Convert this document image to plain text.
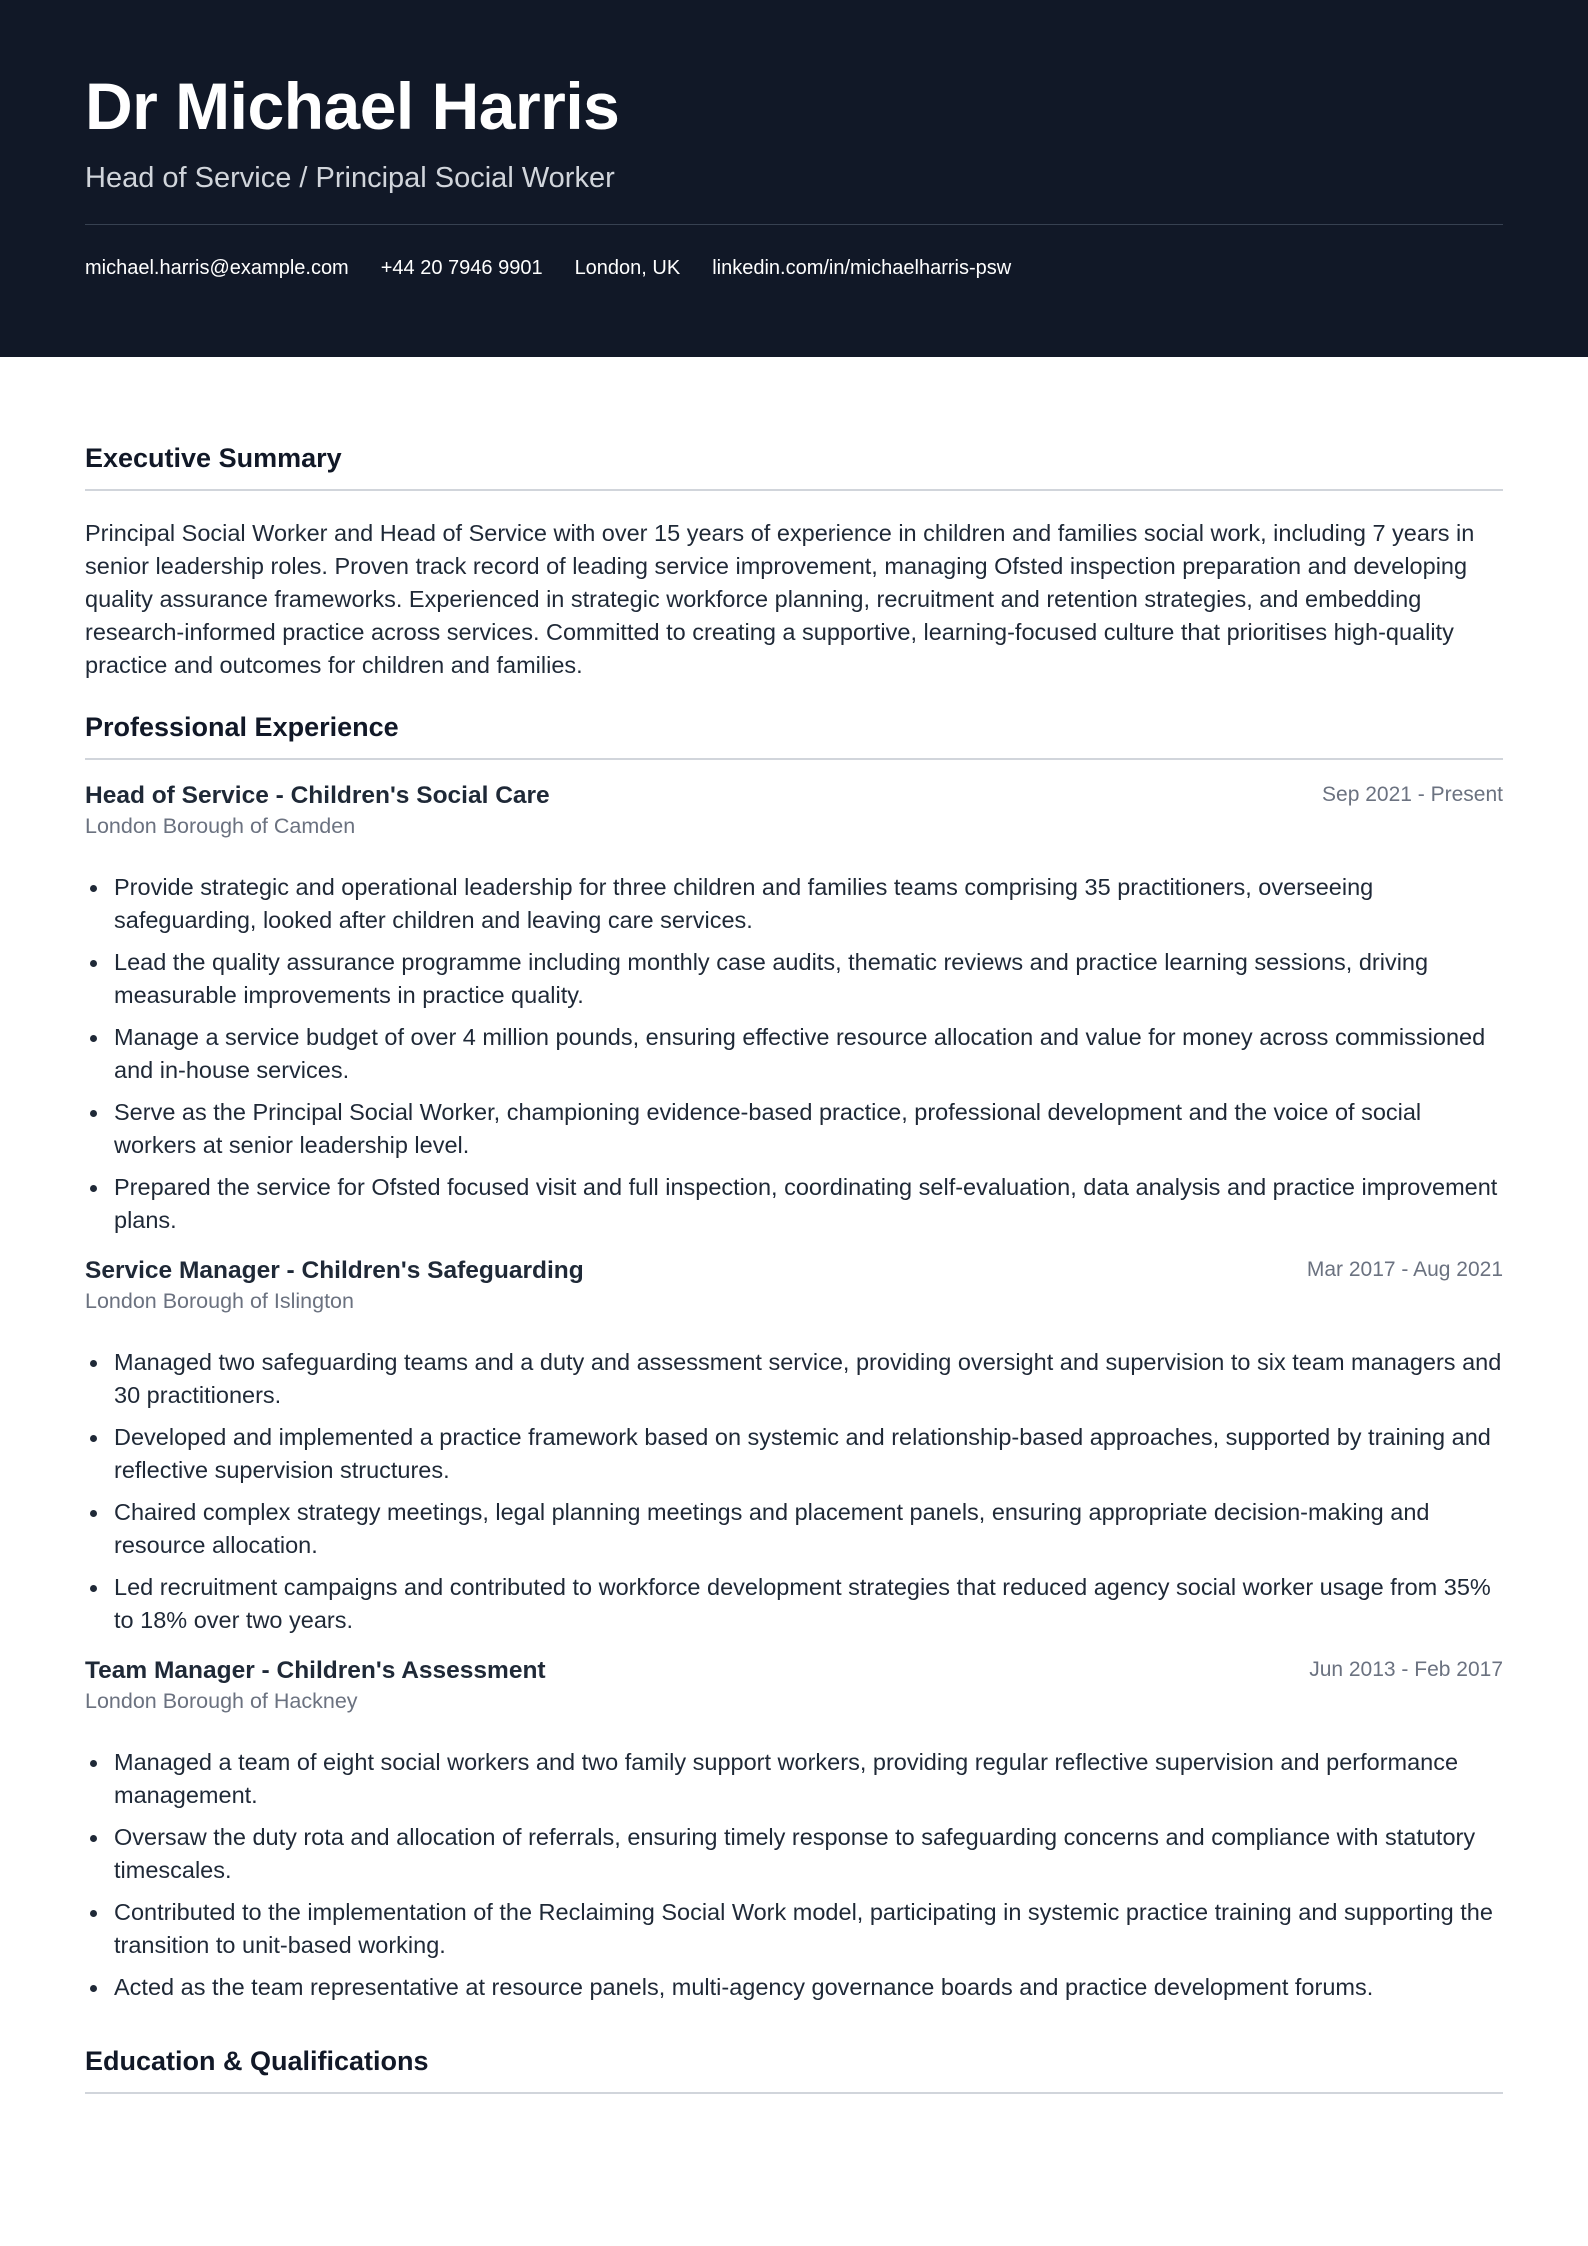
Dr Michael Harris
Head of Service / Principal Social Worker
michael.harris@example.com +44 20 7946 9901 London, UK linkedin.com/in/michaelharris-psw
Executive Summary

Principal Social Worker and Head of Service with over 15 years of experience in children and families social work, including 7 years in senior leadership roles. Proven track record of leading service improvement, managing Ofsted inspection preparation and developing quality assurance frameworks. Experienced in strategic workforce planning, recruitment and retention strategies, and embedding research-informed practice across services. Committed to creating a supportive, learning-focused culture that prioritises high-quality practice and outcomes for children and families.

Professional Experience
Head of Service - Children's Social Care	Sep 2021 - Present
London Borough of Camden
Provide strategic and operational leadership for three children and families teams comprising 35 practitioners, overseeing safeguarding, looked after children and leaving care services.
Lead the quality assurance programme including monthly case audits, thematic reviews and practice learning sessions, driving measurable improvements in practice quality.
Manage a service budget of over 4 million pounds, ensuring effective resource allocation and value for money across commissioned and in-house services.
Serve as the Principal Social Worker, championing evidence-based practice, professional development and the voice of social workers at senior leadership level.
Prepared the service for Ofsted focused visit and full inspection, coordinating self-evaluation, data analysis and practice improvement plans.
Service Manager - Children's Safeguarding	Mar 2017 - Aug 2021
London Borough of Islington
Managed two safeguarding teams and a duty and assessment service, providing oversight and supervision to six team managers and 30 practitioners.
Developed and implemented a practice framework based on systemic and relationship-based approaches, supported by training and reflective supervision structures.
Chaired complex strategy meetings, legal planning meetings and placement panels, ensuring appropriate decision-making and resource allocation.
Led recruitment campaigns and contributed to workforce development strategies that reduced agency social worker usage from 35% to 18% over two years.
Team Manager - Children's Assessment	Jun 2013 - Feb 2017
London Borough of Hackney
Managed a team of eight social workers and two family support workers, providing regular reflective supervision and performance management.
Oversaw the duty rota and allocation of referrals, ensuring timely response to safeguarding concerns and compliance with statutory timescales.
Contributed to the implementation of the Reclaiming Social Work model, participating in systemic practice training and supporting the transition to unit-based working.
Acted as the team representative at resource panels, multi-agency governance boards and practice development forums.
Education & Qualifications
